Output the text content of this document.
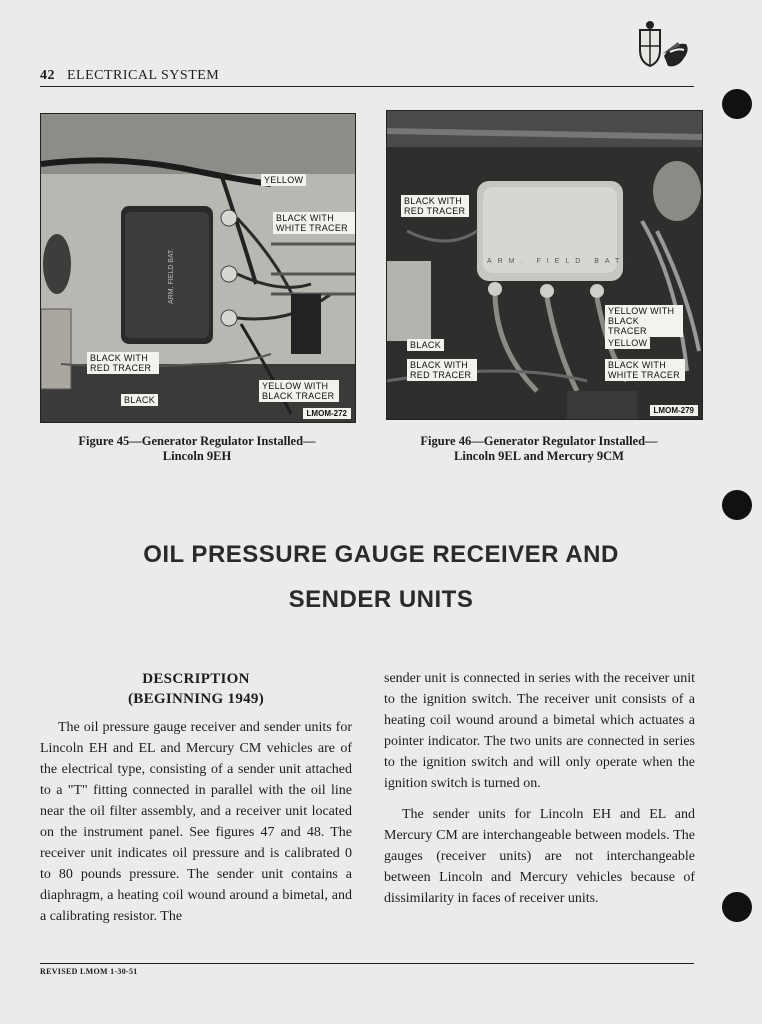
42 ELECTRICAL SYSTEM
ARM. FIELD BAT.
YELLOW
BLACK WITH WHITE TRACER
BLACK WITH RED TRACER
BLACK
YELLOW WITH BLACK TRACER
LMOM-272
Figure 45—Generator Regulator Installed—
Lincoln 9EH
ARM. FIELD BAT.
BLACK WITH RED TRACER
YELLOW WITH BLACK TRACER
BLACK	YELLOW
BLACK WITH RED TRACER
BLACK WITH WHITE TRACER
LMOM-279
Figure 46—Generator Regulator Installed—
Lincoln 9EL and Mercury 9CM
OIL PRESSURE GAUGE RECEIVER AND
SENDER UNITS
DESCRIPTION
(BEGINNING 1949)

The oil pressure gauge receiver and sender units for Lincoln EH and EL and Mercury CM vehicles are of the electrical type, consisting of a sender unit attached to a "T" fitting connected in parallel with the oil line near the oil filter assembly, and a receiver unit located on the instrument panel. See figures 47 and 48. The receiver unit indicates oil pressure and is calibrated 0 to 80 pounds pressure. The sender unit contains a diaphragm, a heating coil wound around a bimetal, and a calibrating resistor. The

sender unit is connected in series with the receiver unit to the ignition switch. The receiver unit consists of a heating coil wound around a bimetal which actuates a pointer indicator. The two units are connected in series to the ignition switch and will only operate when the ignition switch is turned on.

The sender units for Lincoln EH and EL and Mercury CM are interchangeable between models. The gauges (receiver units) are not interchangeable between Lincoln and Mercury vehicles because of dissimilarity in faces of receiver units.

REVISED LMOM 1-30-51
